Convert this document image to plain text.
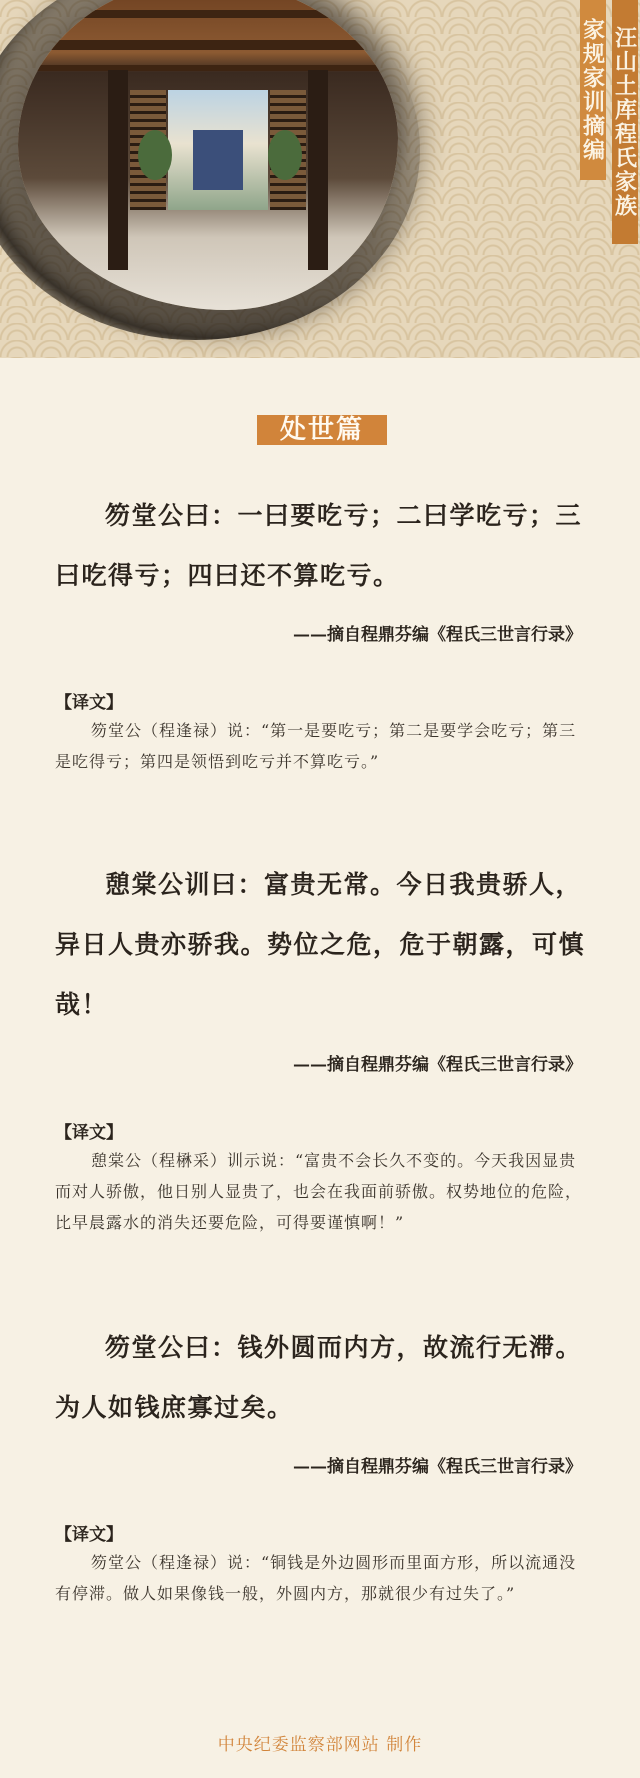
汪山土库程氏家族
家规家训摘编
处世篇

笏堂公曰：一曰要吃亏；二曰学吃亏；三曰吃得亏；四曰还不算吃亏。

——摘自程鼎芬编《程氏三世言行录》

【译文】

笏堂公（程逢禄）说：“第一是要吃亏；第二是要学会吃亏；第三是吃得亏；第四是领悟到吃亏并不算吃亏。”

憩棠公训曰：富贵无常。今日我贵骄人，异日人贵亦骄我。势位之危，危于朝露，可慎哉！

——摘自程鼎芬编《程氏三世言行录》

【译文】

憩棠公（程楙采）训示说：“富贵不会长久不变的。今天我因显贵而对人骄傲，他日别人显贵了，也会在我面前骄傲。权势地位的危险，比早晨露水的消失还要危险，可得要谨慎啊！”

笏堂公曰：钱外圆而内方，故流行无滞。为人如钱庶寡过矣。

——摘自程鼎芬编《程氏三世言行录》

【译文】

笏堂公（程逢禄）说：“铜钱是外边圆形而里面方形，所以流通没有停滞。做人如果像钱一般，外圆内方，那就很少有过失了。”

中央纪委监察部网站 制作
